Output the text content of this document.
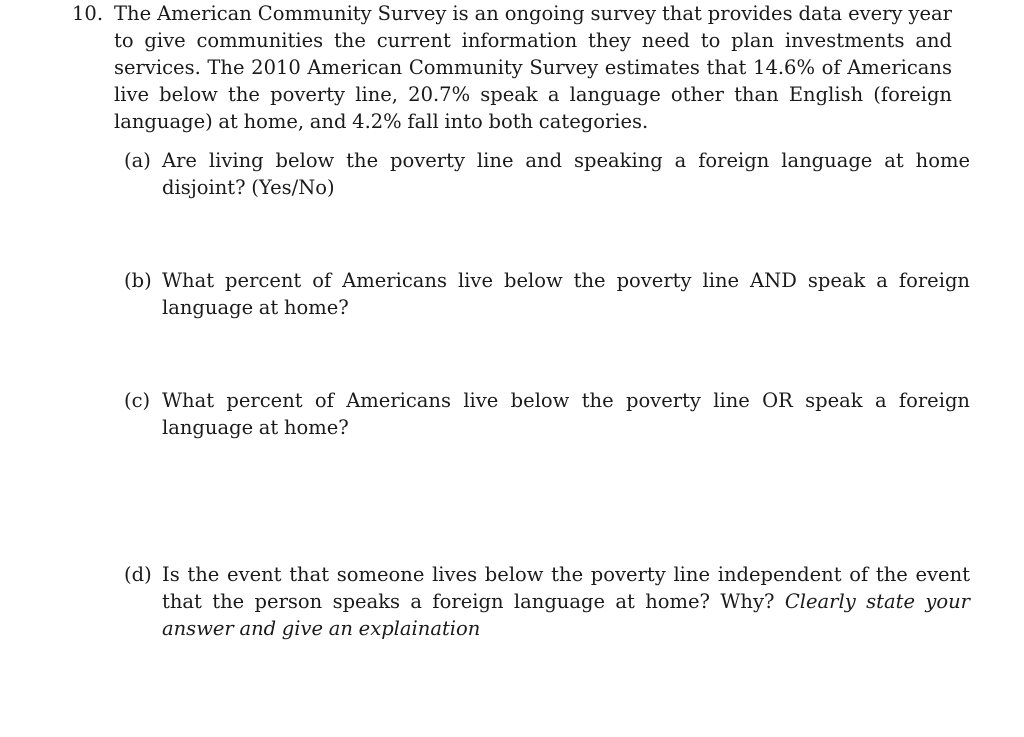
10. The American Community Survey is an ongoing survey that provides data every year to give communities the current information they need to plan investments and services. The 2010 American Community Survey estimates that 14.6% of Americans live below the poverty line, 20.7% speak a language other than English (foreign language) at home, and 4.2% fall into both categories.
(a) Are living below the poverty line and speaking a foreign language at home disjoint? (Yes/No)
(b) What percent of Americans live below the poverty line AND speak a foreign language at home?
(c) What percent of Americans live below the poverty line OR speak a foreign language at home?
(d) Is the event that someone lives below the poverty line independent of the event that the person speaks a foreign language at home? Why? Clearly state your answer and give an explaination
